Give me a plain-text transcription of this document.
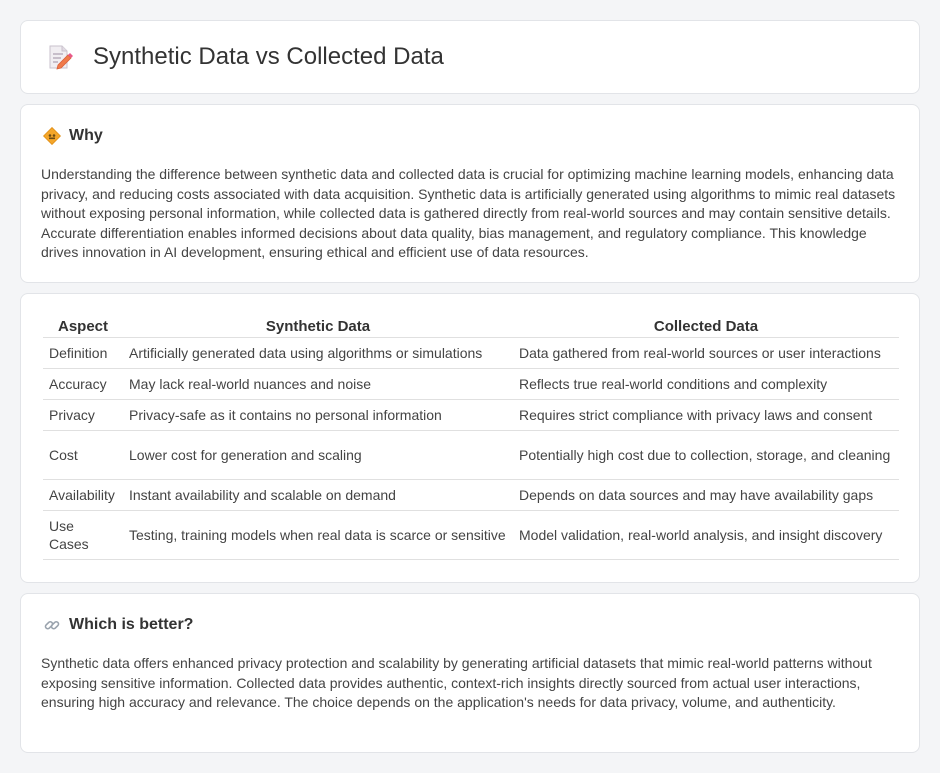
Synthetic Data vs Collected Data
Why

Understanding the difference between synthetic data and collected data is crucial for optimizing machine learning models, enhancing data privacy, and reducing costs associated with data acquisition. Synthetic data is artificially generated using algorithms to mimic real datasets without exposing personal information, while collected data is gathered directly from real-world sources and may contain sensitive details. Accurate differentiation enables informed decisions about data quality, bias management, and regulatory compliance. This knowledge drives innovation in AI development, ensuring ethical and efficient use of data resources.

Aspect	Synthetic Data	Collected Data
Definition	Artificially generated data using algorithms or simulations	Data gathered from real-world sources or user interactions
Accuracy	May lack real-world nuances and noise	Reflects true real-world conditions and complexity
Privacy	Privacy-safe as it contains no personal information	Requires strict compliance with privacy laws and consent
Cost	Lower cost for generation and scaling	Potentially high cost due to collection, storage, and cleaning
Availability	Instant availability and scalable on demand	Depends on data sources and may have availability gaps
Use Cases	Testing, training models when real data is scarce or sensitive	Model validation, real-world analysis, and insight discovery
Which is better?

Synthetic data offers enhanced privacy protection and scalability by generating artificial datasets that mimic real-world patterns without exposing sensitive information. Collected data provides authentic, context-rich insights directly sourced from actual user interactions, ensuring high accuracy and relevance. The choice depends on the application's needs for data privacy, volume, and authenticity.
